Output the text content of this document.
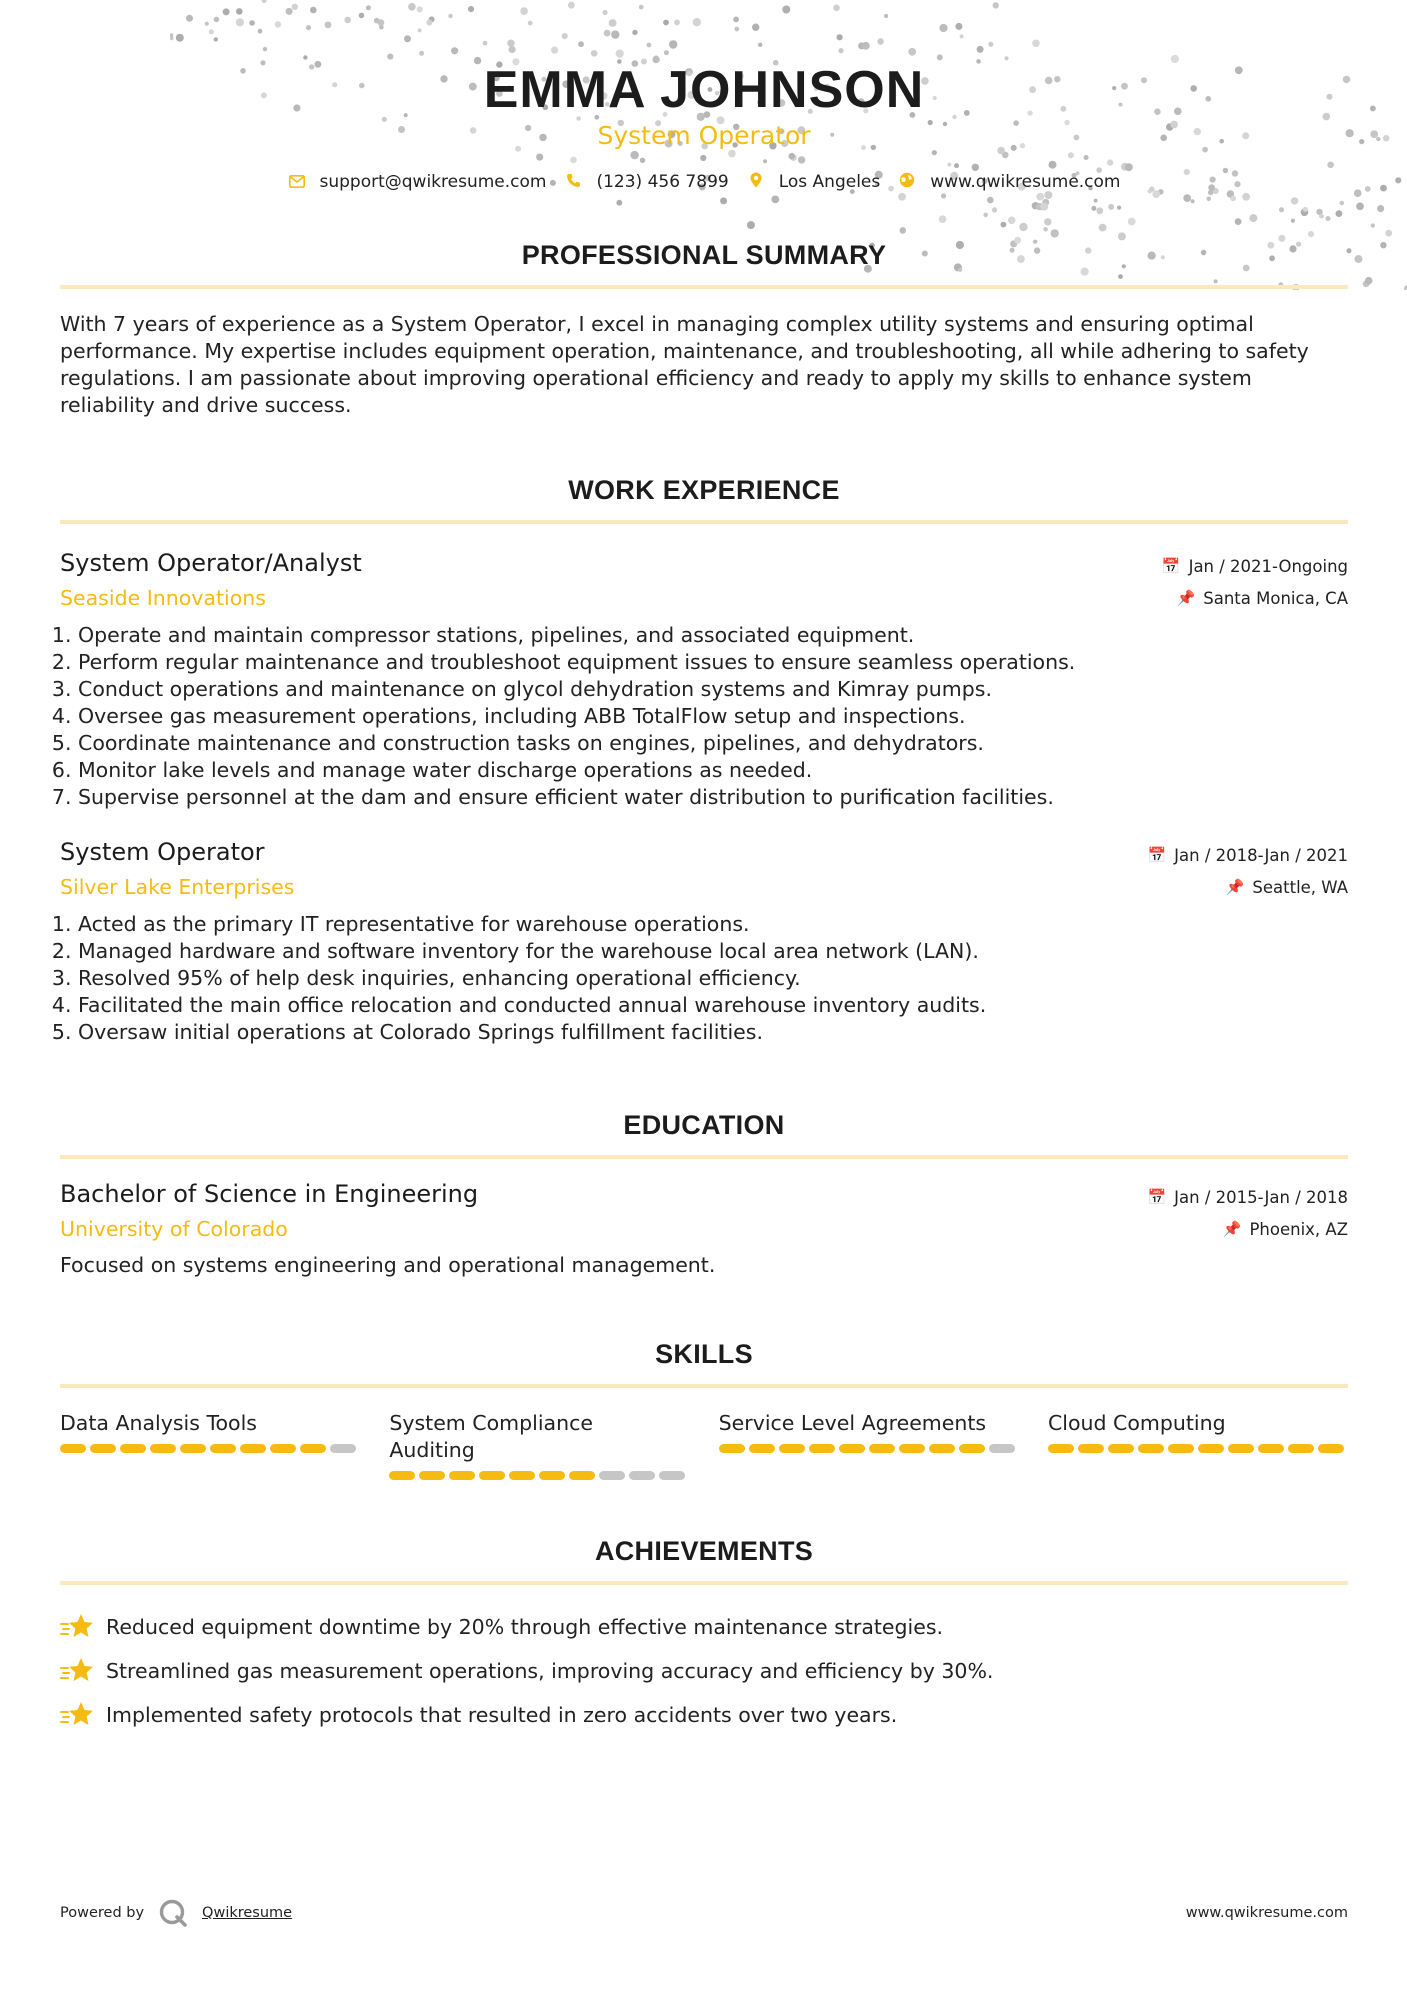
EMMA JOHNSON
System Operator
support@qwikresume.com	(123) 456 7899	Los Angeles	www.qwikresume.com
PROFESSIONAL SUMMARY
With 7 years of experience as a System Operator, I excel in managing complex utility systems and ensuring optimal performance. My expertise includes equipment operation, maintenance, and troubleshooting, all while adhering to safety regulations. I am passionate about improving operational efficiency and ready to apply my skills to enhance system reliability and drive success.
WORK EXPERIENCE
System Operator/Analyst
Seaside Innovations
📅 Jan / 2021-Ongoing
📌 Santa Monica, CA
1. Operate and maintain compressor stations, pipelines, and associated equipment.
2. Perform regular maintenance and troubleshoot equipment issues to ensure seamless operations.
3. Conduct operations and maintenance on glycol dehydration systems and Kimray pumps.
4. Oversee gas measurement operations, including ABB TotalFlow setup and inspections.
5. Coordinate maintenance and construction tasks on engines, pipelines, and dehydrators.
6. Monitor lake levels and manage water discharge operations as needed.
7. Supervise personnel at the dam and ensure efficient water distribution to purification facilities.
System Operator
Silver Lake Enterprises
📅 Jan / 2018-Jan / 2021
📌 Seattle, WA
1. Acted as the primary IT representative for warehouse operations.
2. Managed hardware and software inventory for the warehouse local area network (LAN).
3. Resolved 95% of help desk inquiries, enhancing operational efficiency.
4. Facilitated the main office relocation and conducted annual warehouse inventory audits.
5. Oversaw initial operations at Colorado Springs fulfillment facilities.
EDUCATION
Bachelor of Science in Engineering
University of Colorado
📅 Jan / 2015-Jan / 2018
📌 Phoenix, AZ
Focused on systems engineering and operational management.
SKILLS
Data Analysis Tools	System Compliance Auditing
Service Level Agreements	Cloud Computing
ACHIEVEMENTS
Reduced equipment downtime by 20% through effective maintenance strategies.
Streamlined gas measurement operations, improving accuracy and efficiency by 30%.
Implemented safety protocols that resulted in zero accidents over two years.
Powered by	Qwikresume	www.qwikresume.com
